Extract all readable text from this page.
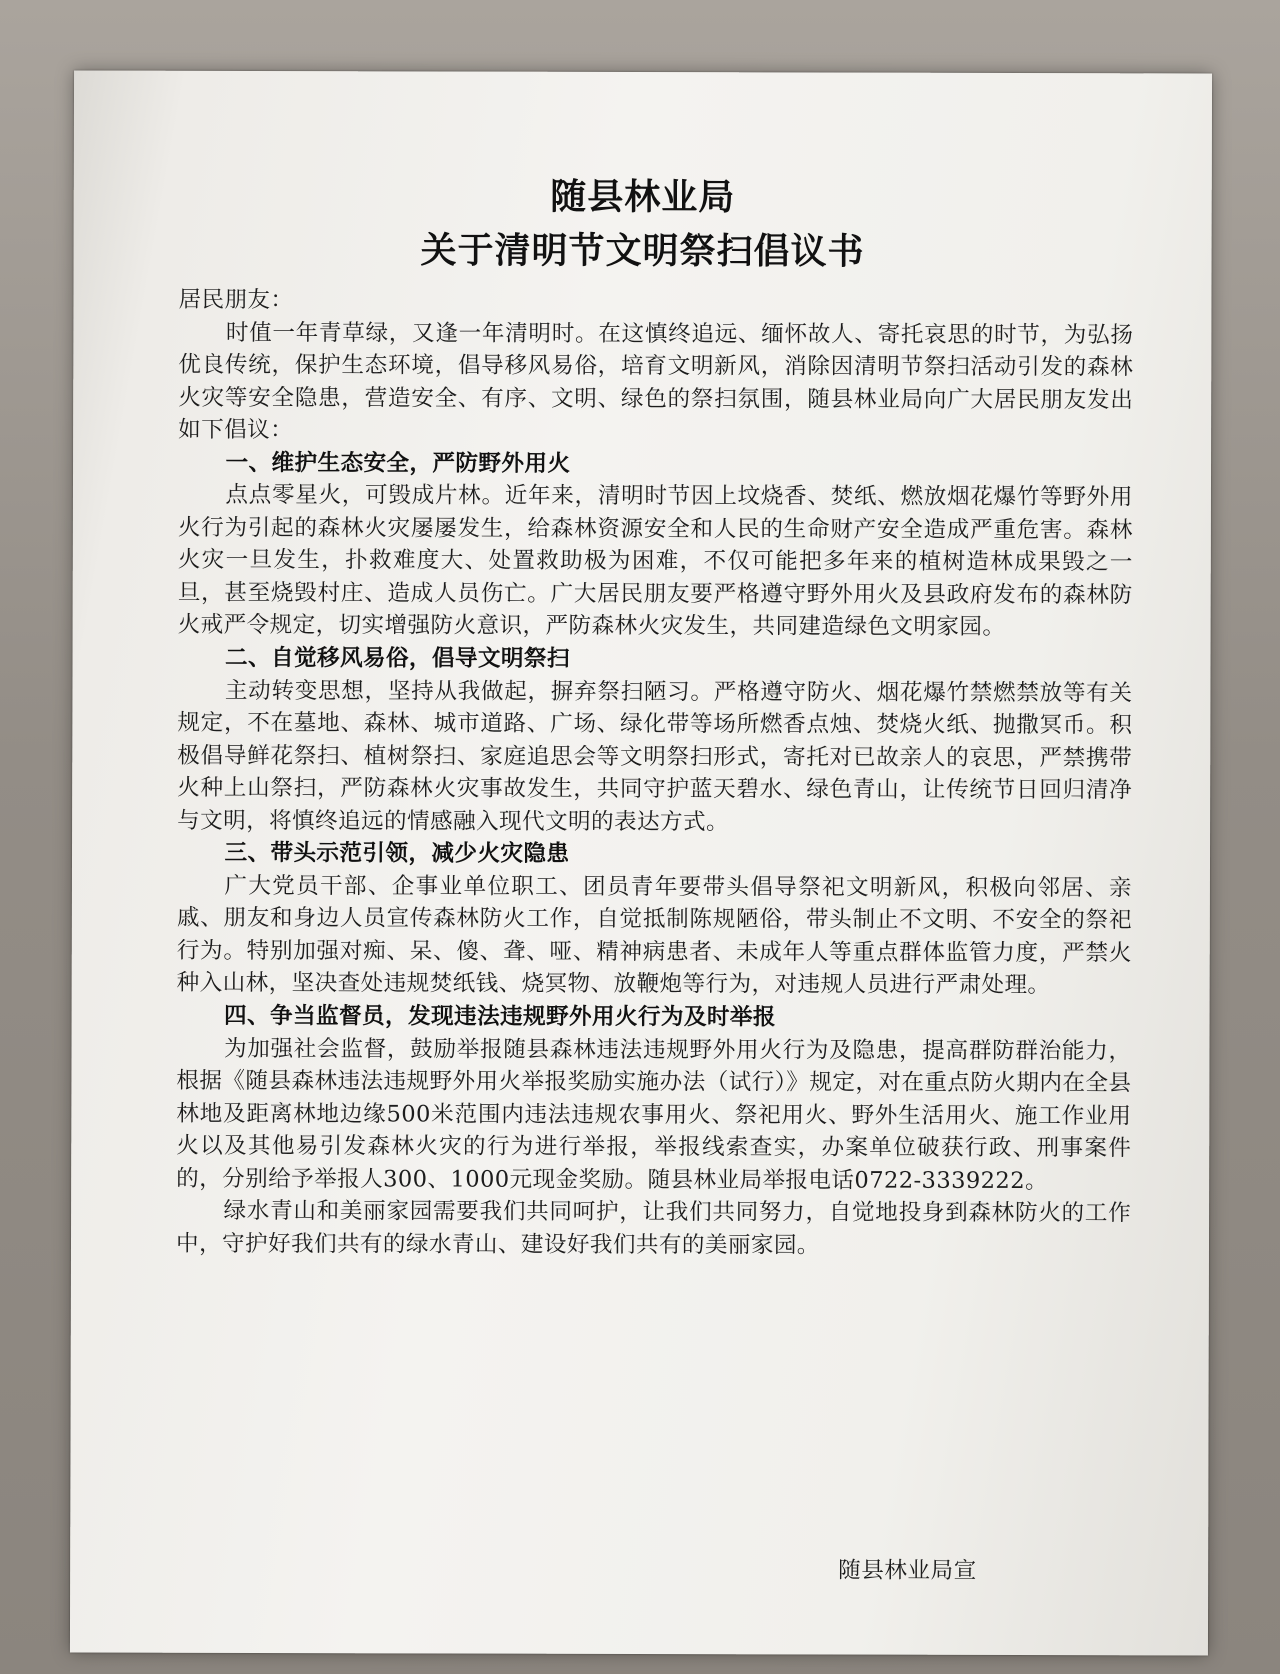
随县林业局
关于清明节文明祭扫倡议书

居民朋友：

时值一年青草绿，又逢一年清明时。在这慎终追远、缅怀故人、寄托哀思的时节，为弘扬优良传统，保护生态环境，倡导移风易俗，培育文明新风，消除因清明节祭扫活动引发的森林火灾等安全隐患，营造安全、有序、文明、绿色的祭扫氛围，随县林业局向广大居民朋友发出如下倡议：

一、维护生态安全，严防野外用火

点点零星火，可毁成片林。近年来，清明时节因上坟烧香、焚纸、燃放烟花爆竹等野外用火行为引起的森林火灾屡屡发生，给森林资源安全和人民的生命财产安全造成严重危害。森林火灾一旦发生，扑救难度大、处置救助极为困难，不仅可能把多年来的植树造林成果毁之一旦，甚至烧毁村庄、造成人员伤亡。广大居民朋友要严格遵守野外用火及县政府发布的森林防火戒严令规定，切实增强防火意识，严防森林火灾发生，共同建造绿色文明家园。

二、自觉移风易俗，倡导文明祭扫

主动转变思想，坚持从我做起，摒弃祭扫陋习。严格遵守防火、烟花爆竹禁燃禁放等有关规定，不在墓地、森林、城市道路、广场、绿化带等场所燃香点烛、焚烧火纸、抛撒冥币。积极倡导鲜花祭扫、植树祭扫、家庭追思会等文明祭扫形式，寄托对已故亲人的哀思，严禁携带火种上山祭扫，严防森林火灾事故发生，共同守护蓝天碧水、绿色青山，让传统节日回归清净与文明，将慎终追远的情感融入现代文明的表达方式。

三、带头示范引领，减少火灾隐患

广大党员干部、企事业单位职工、团员青年要带头倡导祭祀文明新风，积极向邻居、亲戚、朋友和身边人员宣传森林防火工作，自觉抵制陈规陋俗，带头制止不文明、不安全的祭祀行为。特别加强对痴、呆、傻、聋、哑、精神病患者、未成年人等重点群体监管力度，严禁火种入山林，坚决查处违规焚纸钱、烧冥物、放鞭炮等行为，对违规人员进行严肃处理。

四、争当监督员，发现违法违规野外用火行为及时举报

为加强社会监督，鼓励举报随县森林违法违规野外用火行为及隐患，提高群防群治能力，根据《随县森林违法违规野外用火举报奖励实施办法（试行）》规定，对在重点防火期内在全县林地及距离林地边缘500米范围内违法违规农事用火、祭祀用火、野外生活用火、施工作业用火以及其他易引发森林火灾的行为进行举报，举报线索查实，办案单位破获行政、刑事案件的，分别给予举报人300、1000元现金奖励。随县林业局举报电话0722-3339222。

绿水青山和美丽家园需要我们共同呵护，让我们共同努力，自觉地投身到森林防火的工作中，守护好我们共有的绿水青山、建设好我们共有的美丽家园。

随县林业局宣
